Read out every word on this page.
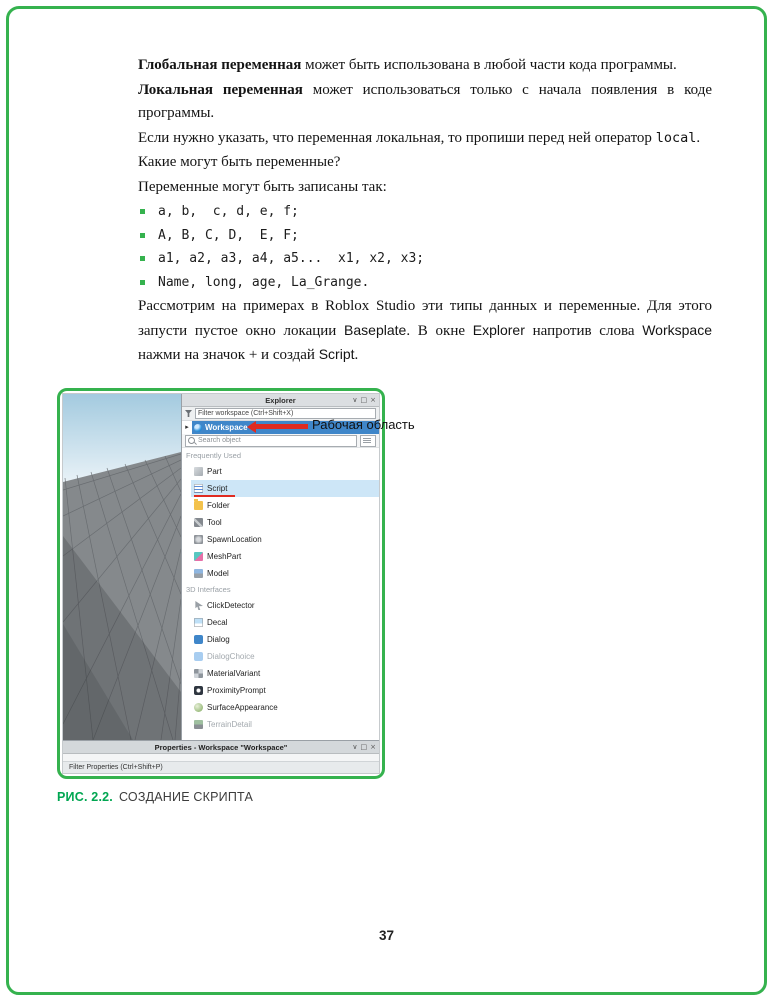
Глобальная переменная может быть использована в любой части кода программы.

Локальная переменная может использоваться только с начала появления в коде программы.

Если нужно указать, что переменная локальная, то пропиши перед ней оператор local.

Какие могут быть переменные?

Переменные могут быть записаны так:

a, b,  c, d, e, f;
A, B, C, D,  E, F;
a1, a2, a3, a4, a5...  x1, x2, x3;
Name, long, age, La_Grange.

Рассмотрим на примерах в Roblox Studio эти типы данных и переменные. Для этого запусти пустое окно локации Baseplate. В окне Explorer напротив слова Workspace нажми на значок + и создай Script.

Explorer	∨ □ ×
Filter workspace (Ctrl+Shift+X)
▸	Workspace
Search object
Frequently Used
Part
Script
Folder
Tool
SpawnLocation
MeshPart
Model
3D Interfaces
ClickDetector
Decal
Dialog
DialogChoice
MaterialVariant
ProximityPrompt
SurfaceAppearance
TerrainDetail
Properties - Workspace "Workspace"	∨ □ ×
Filter Properties (Ctrl+Shift+P)
Рабочая область
РИС. 2.2. СОЗДАНИЕ СКРИПТА
37
